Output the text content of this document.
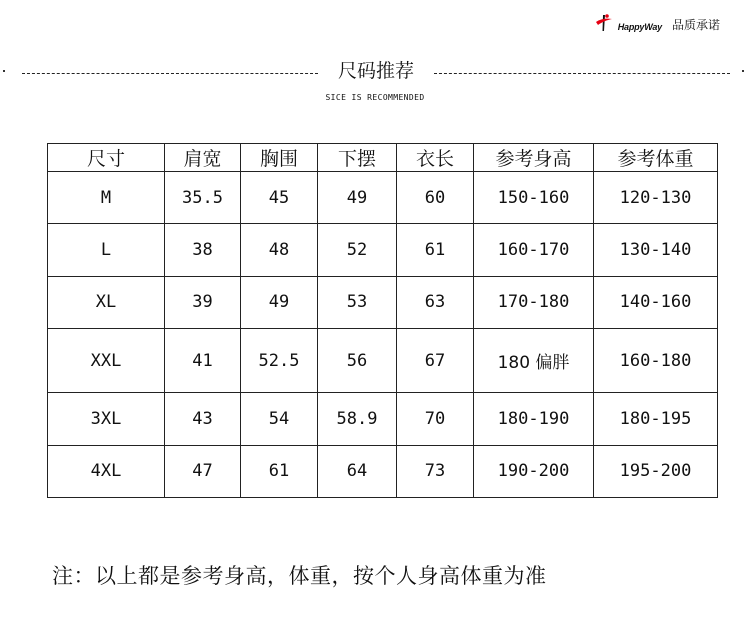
HappyWay 品质承诺
尺码推荐
SICE IS RECOMMENDED
尺寸	肩宽	胸围	下摆	衣长	参考身高	参考体重
M	35.5	45	49	60	150-160	120-130
L	38	48	52	61	160-170	130-140
XL	39	49	53	63	170-180	140-160
XXL	41	52.5	56	67	180 偏胖	160-180
3XL	43	54	58.9	70	180-190	180-195
4XL	47	61	64	73	190-200	195-200
注：以上都是参考身高，体重，按个人身高体重为准
